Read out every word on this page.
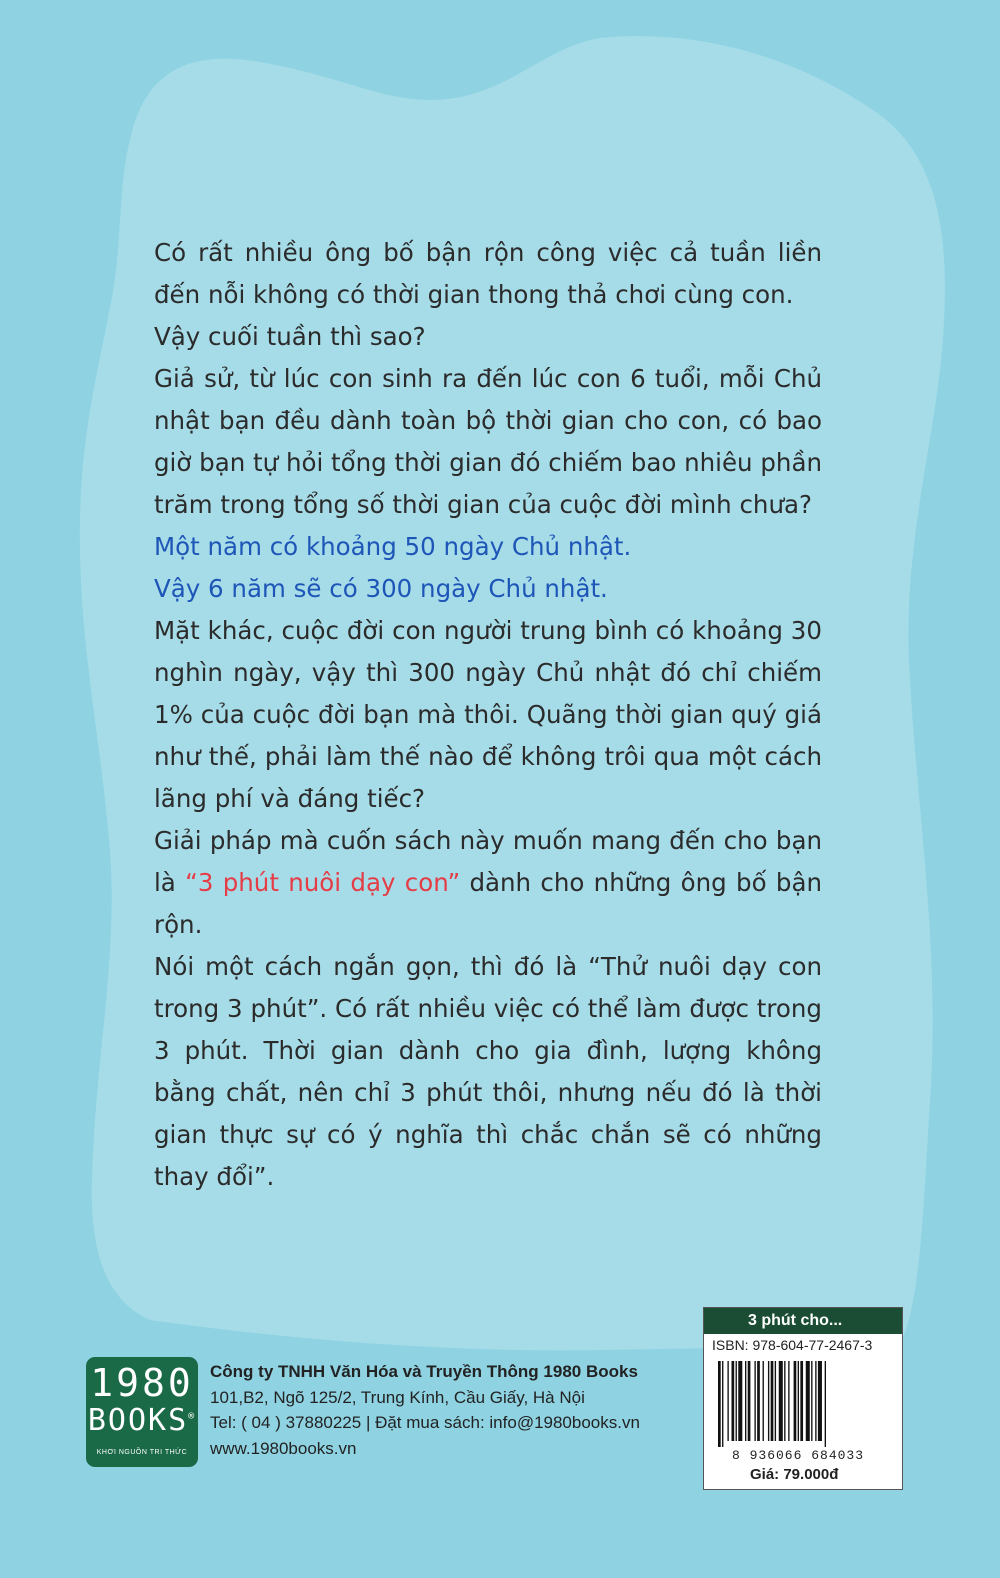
Có rất nhiều ông bố bận rộn công việc cả tuần liền đến nỗi không có thời gian thong thả chơi cùng con.

Vậy cuối tuần thì sao?

Giả sử, từ lúc con sinh ra đến lúc con 6 tuổi, mỗi Chủ nhật bạn đều dành toàn bộ thời gian cho con, có bao giờ bạn tự hỏi tổng thời gian đó chiếm bao nhiêu phần trăm trong tổng số thời gian của cuộc đời mình chưa?

Một năm có khoảng 50 ngày Chủ nhật.

Vậy 6 năm sẽ có 300 ngày Chủ nhật.

Mặt khác, cuộc đời con người trung bình có khoảng 30 nghìn ngày, vậy thì 300 ngày Chủ nhật đó chỉ chiếm 1% của cuộc đời bạn mà thôi. Quãng thời gian quý giá như thế, phải làm thế nào để không trôi qua một cách lãng phí và đáng tiếc?

Giải pháp mà cuốn sách này muốn mang đến cho bạn là “3 phút nuôi dạy con” dành cho những ông bố bận rộn.

Nói một cách ngắn gọn, thì đó là “Thử nuôi dạy con trong 3 phút”. Có rất nhiều việc có thể làm được trong 3 phút. Thời gian dành cho gia đình, lượng không bằng chất, nên chỉ 3 phút thôi, nhưng nếu đó là thời gian thực sự có ý nghĩa thì chắc chắn sẽ có những thay đổi”.

1980
BOOKS®
KHƠI NGUỒN TRI THỨC
Công ty TNHH Văn Hóa và Truyền Thông 1980 Books
101,B2, Ngõ 125/2, Trung Kính, Cầu Giấy, Hà Nội
Tel: ( 04 ) 37880225 | Đặt mua sách: info@1980books.vn
www.1980books.vn
3 phút cho...
ISBN: 978-604-77-2467-3
8 936066 684033
Giá: 79.000đ
